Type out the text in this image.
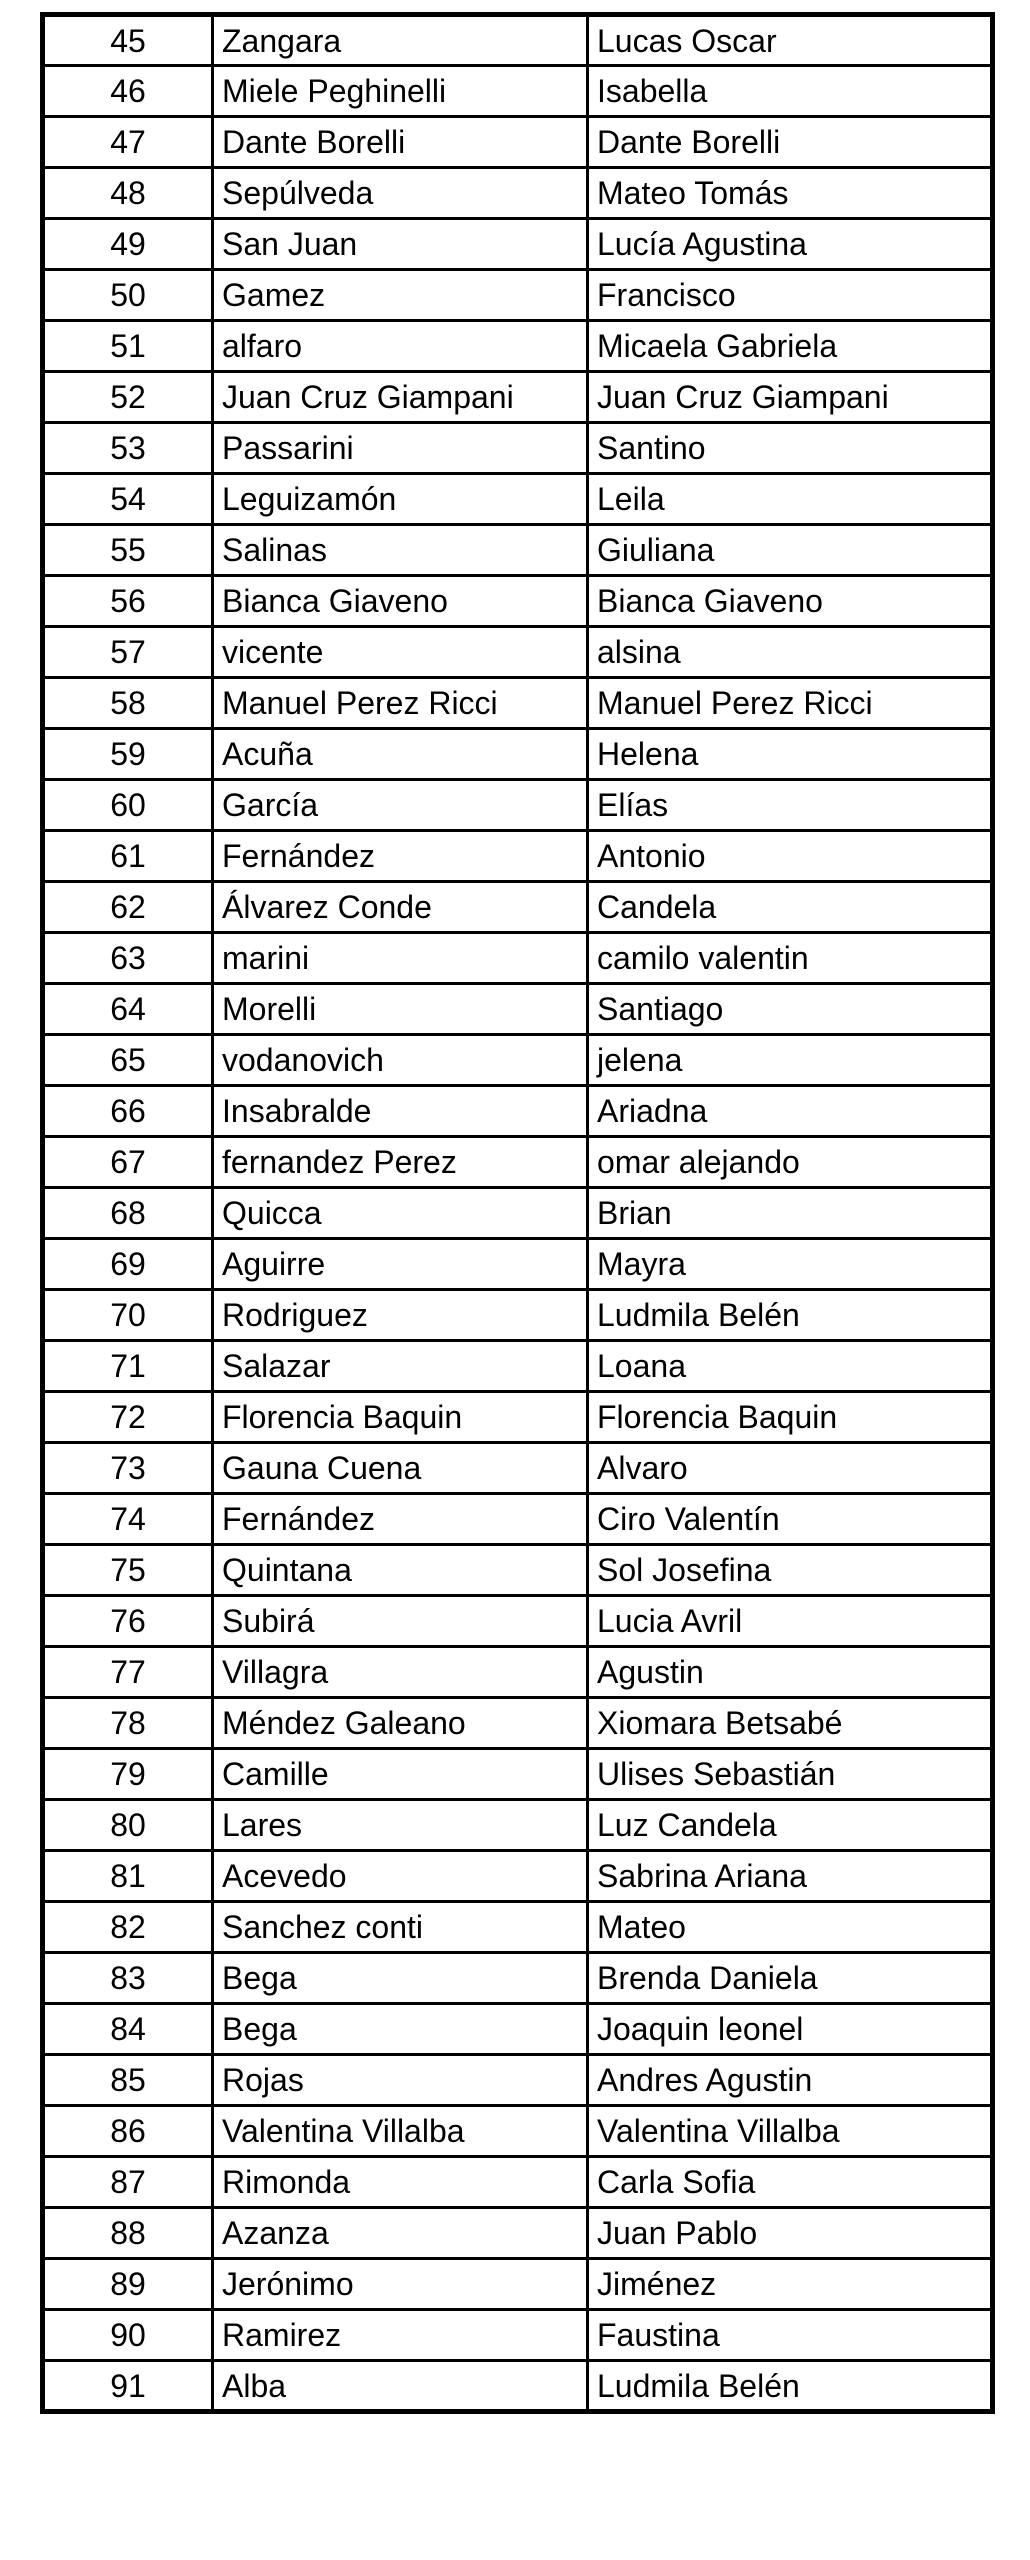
45	Zangara	Lucas Oscar
46	Miele Peghinelli	Isabella
47	Dante Borelli	Dante Borelli
48	Sepúlveda	Mateo Tomás
49	San Juan	Lucía Agustina
50	Gamez	Francisco
51	alfaro	Micaela Gabriela
52	Juan Cruz Giampani	Juan Cruz Giampani
53	Passarini	Santino
54	Leguizamón	Leila
55	Salinas	Giuliana
56	Bianca Giaveno	Bianca Giaveno
57	vicente	alsina
58	Manuel Perez Ricci	Manuel Perez Ricci
59	Acuña	Helena
60	García	Elías
61	Fernández	Antonio
62	Álvarez Conde	Candela
63	marini	camilo valentin
64	Morelli	Santiago
65	vodanovich	jelena
66	Insabralde	Ariadna
67	fernandez Perez	omar alejando
68	Quicca	Brian
69	Aguirre	Mayra
70	Rodriguez	Ludmila Belén
71	Salazar	Loana
72	Florencia Baquin	Florencia Baquin
73	Gauna Cuena	Alvaro
74	Fernández	Ciro Valentín
75	Quintana	Sol Josefina
76	Subirá	Lucia Avril
77	Villagra	Agustin
78	Méndez Galeano	Xiomara Betsabé
79	Camille	Ulises Sebastián
80	Lares	Luz Candela
81	Acevedo	Sabrina Ariana
82	Sanchez conti	Mateo
83	Bega	Brenda Daniela
84	Bega	Joaquin leonel
85	Rojas	Andres Agustin
86	Valentina Villalba	Valentina Villalba
87	Rimonda	Carla Sofia
88	Azanza	Juan Pablo
89	Jerónimo	Jiménez
90	Ramirez	Faustina
91	Alba	Ludmila Belén
